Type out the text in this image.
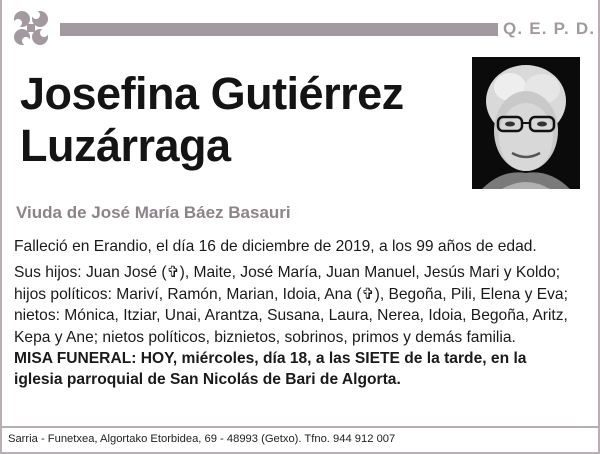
Q. E. P. D.
Josefina Gutiérrez
Luzárraga
Viuda de José María Báez Basauri

Falleció en Erandio, el día 16 de diciembre de 2019, a los 99 años de edad.

Sus hijos: Juan José (✞), Maite, José María, Juan Manuel, Jesús Mari y Koldo; hijos políticos: Mariví, Ramón, Marian, Idoia, Ana (✞), Begoña, Pili, Elena y Eva; nietos: Mónica, Itziar, Unai, Arantza, Susana, Laura, Nerea, Idoia, Begoña, Aritz, Kepa y Ane; nietos políticos, biznietos, sobrinos, primos y demás familia.

MISA FUNERAL: HOY, miércoles, día 18, a las SIETE de la tarde, en la iglesia parroquial de San Nicolás de Bari de Algorta.

Sarria - Funetxea, Algortako Etorbidea, 69 - 48993 (Getxo). Tfno. 944 912 007
